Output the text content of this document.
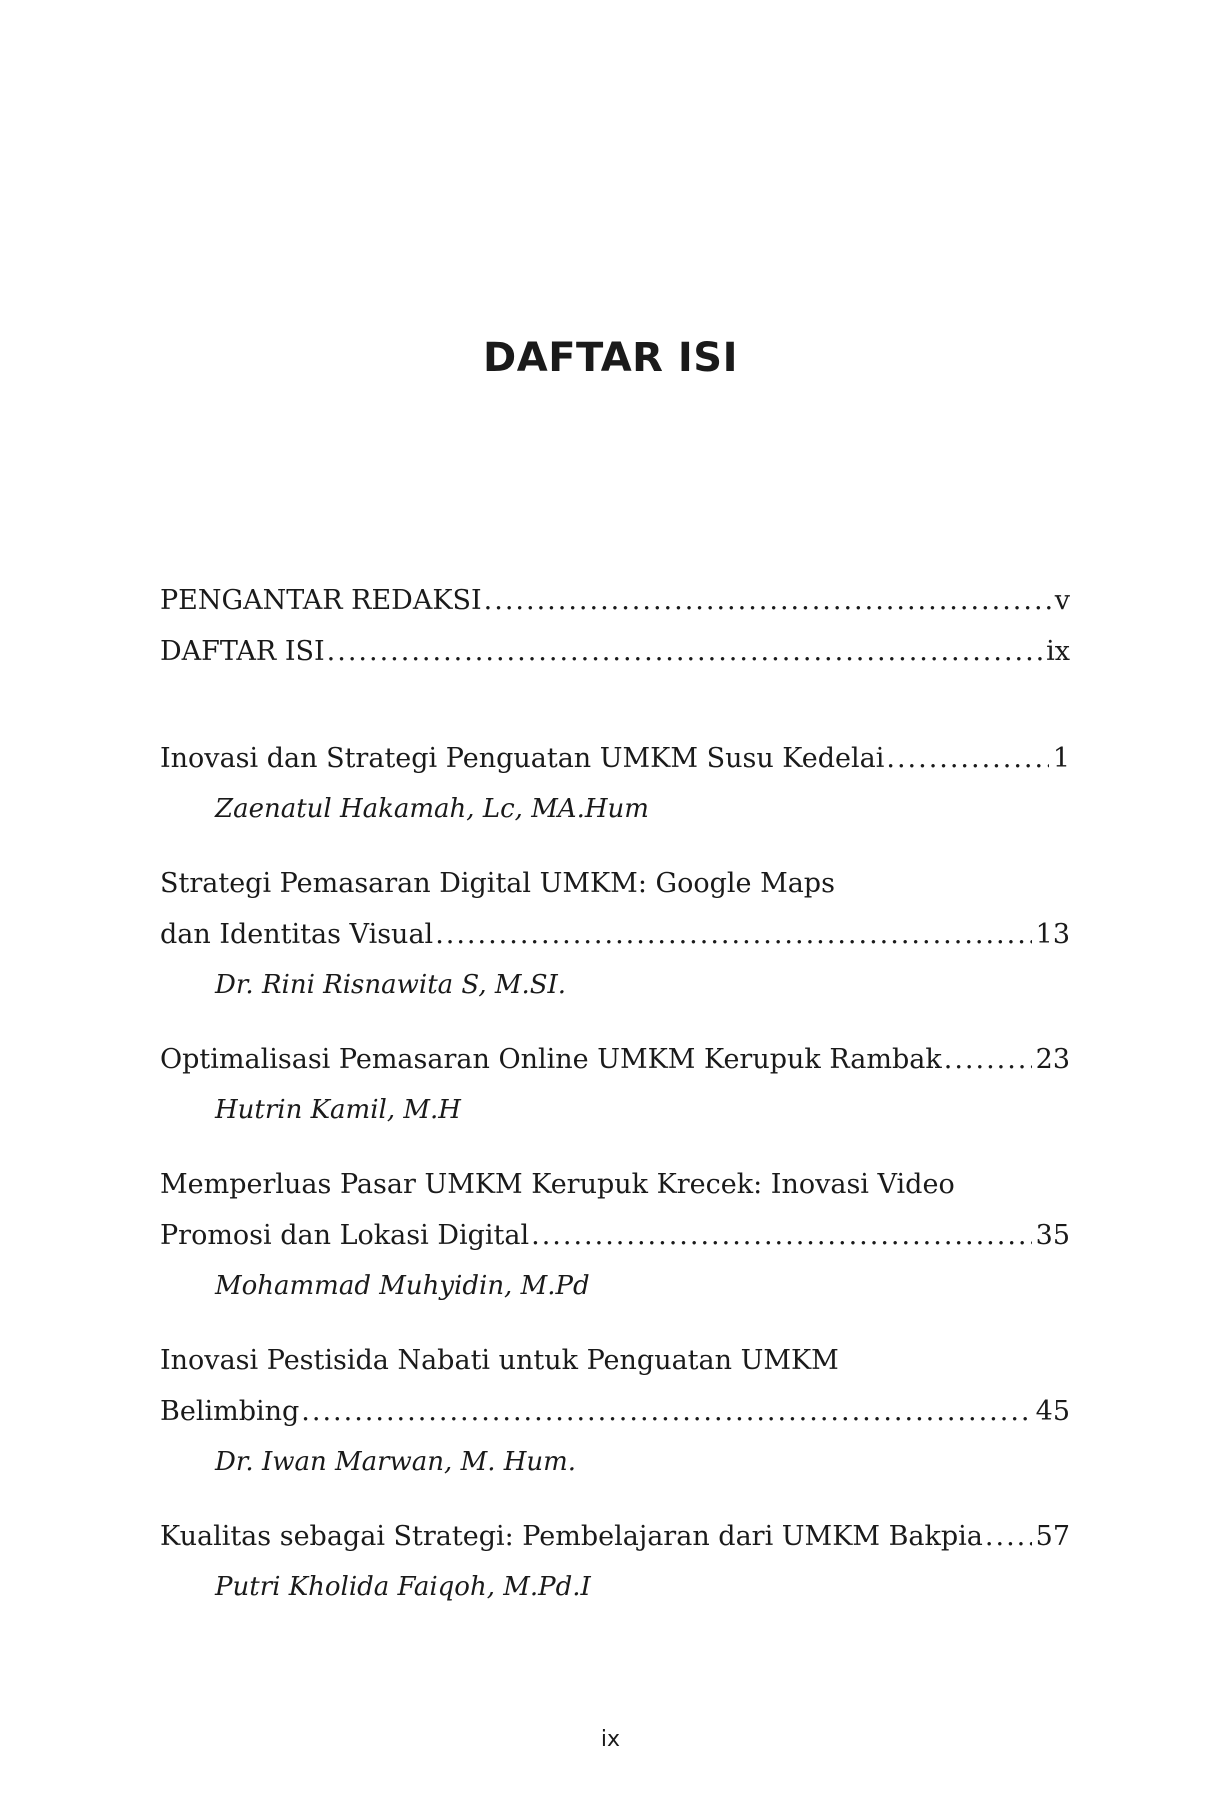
DAFTAR ISI
PENGANTAR REDAKSI .....	v
DAFTAR ISI .....	ix
Inovasi dan Strategi Penguatan UMKM Susu Kedelai .....	1
Zaenatul Hakamah, Lc, MA.Hum
Strategi Pemasaran Digital UMKM: Google Maps
dan Identitas Visual .....	13
Dr. Rini Risnawita S, M.SI.
Optimalisasi Pemasaran Online UMKM Kerupuk Rambak .....	23
Hutrin Kamil, M.H
Memperluas Pasar UMKM Kerupuk Krecek: Inovasi Video
Promosi dan Lokasi Digital .....	35
Mohammad Muhyidin, M.Pd
Inovasi Pestisida Nabati untuk Penguatan UMKM
Belimbing .....	45
Dr. Iwan Marwan, M. Hum.
Kualitas sebagai Strategi: Pembelajaran dari UMKM Bakpia ..... 57
Putri Kholida Faiqoh, M.Pd.I
ix
